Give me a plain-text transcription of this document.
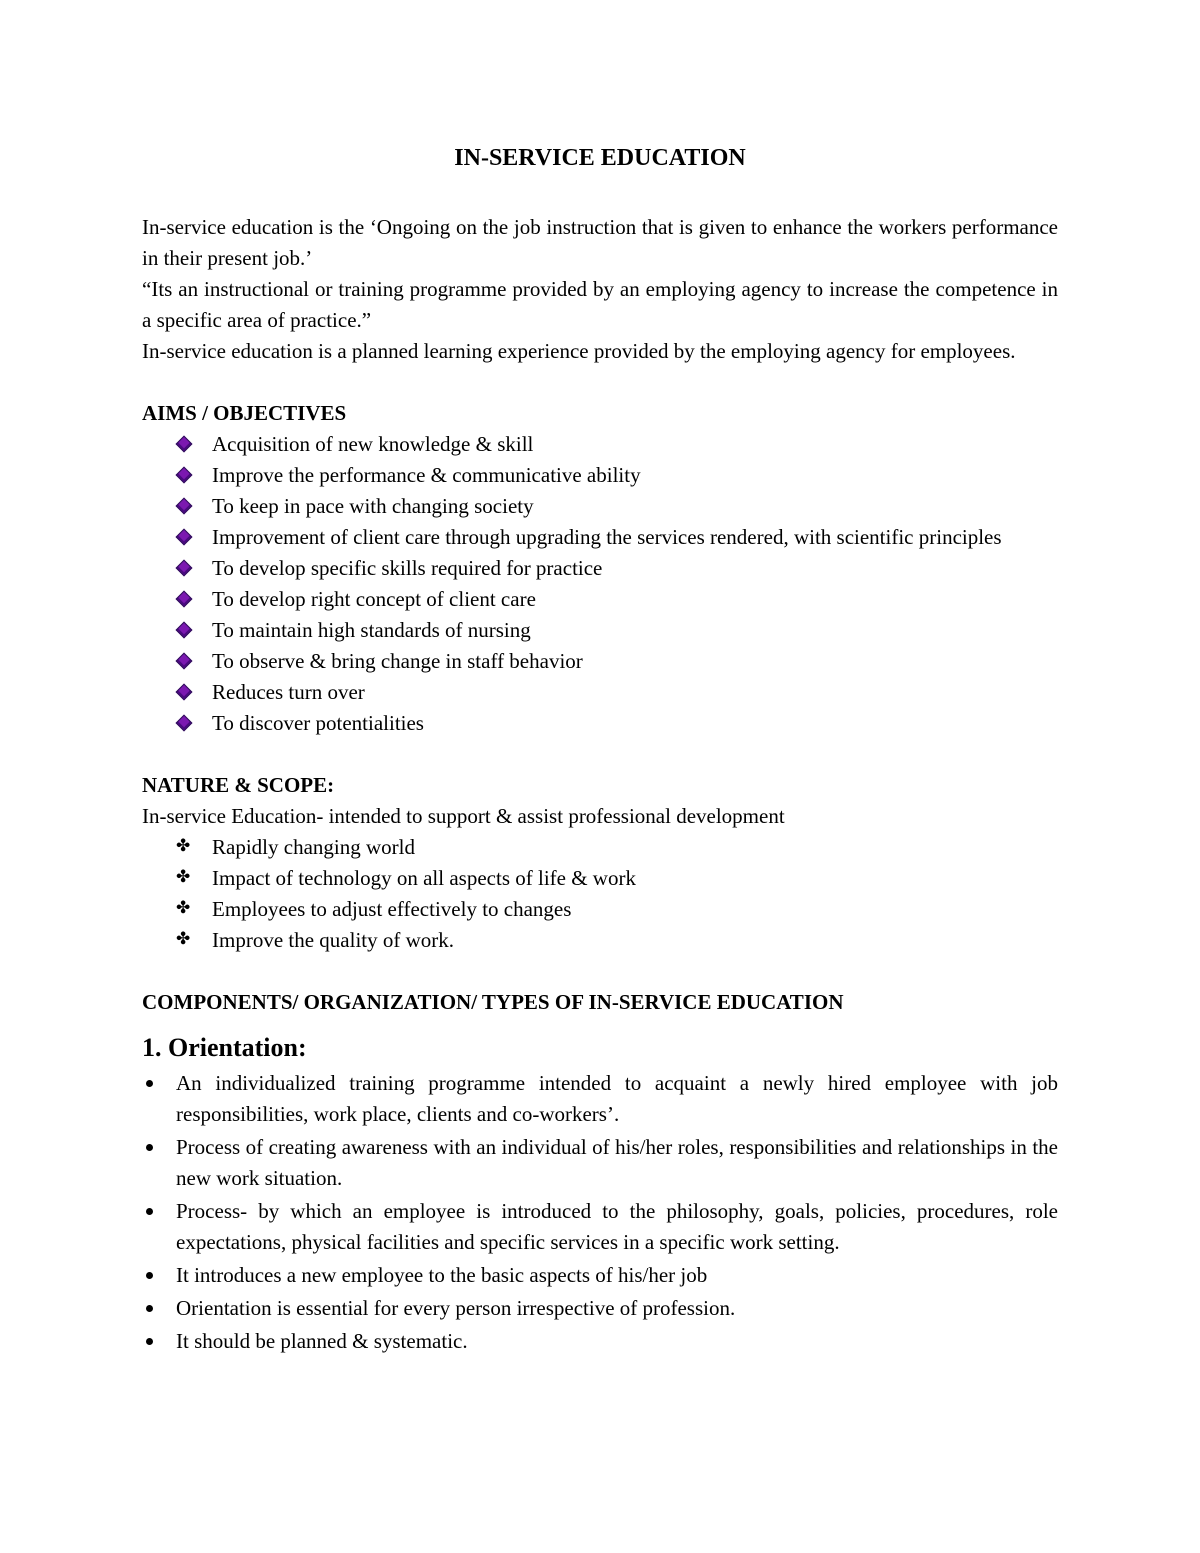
IN-SERVICE EDUCATION

In-service education is the ‘Ongoing on the job instruction that is given to enhance the workers performance in their present job.’

“Its an instructional or training programme provided by an employing agency to increase the competence in a specific area of practice.”

In-service education is a planned learning experience provided by the employing agency for employees.

AIMS / OBJECTIVES
Acquisition of new knowledge & skill
Improve the performance & communicative ability
To keep in pace with changing society
Improvement of client care through upgrading the services rendered, with scientific principles
To develop specific skills required for practice
To develop right concept of client care
To maintain high standards of nursing
To observe & bring change in staff behavior
Reduces turn over
To discover potentialities
NATURE & SCOPE:

In-service Education- intended to support & assist professional development

✤ Rapidly changing world
✤ Impact of technology on all aspects of life & work
✤ Employees to adjust effectively to changes
✤ Improve the quality of work.
COMPONENTS/ ORGANIZATION/ TYPES OF IN-SERVICE EDUCATION
1. Orientation:
An individualized training programme intended to acquaint a newly hired employee with job responsibilities, work place, clients and co-workers’.
Process of creating awareness with an individual of his/her roles, responsibilities and relationships in the new work situation.
Process- by which an employee is introduced to the philosophy, goals, policies, procedures, role expectations, physical facilities and specific services in a specific work setting.
It introduces a new employee to the basic aspects of his/her job
Orientation is essential for every person irrespective of profession.
It should be planned & systematic.
